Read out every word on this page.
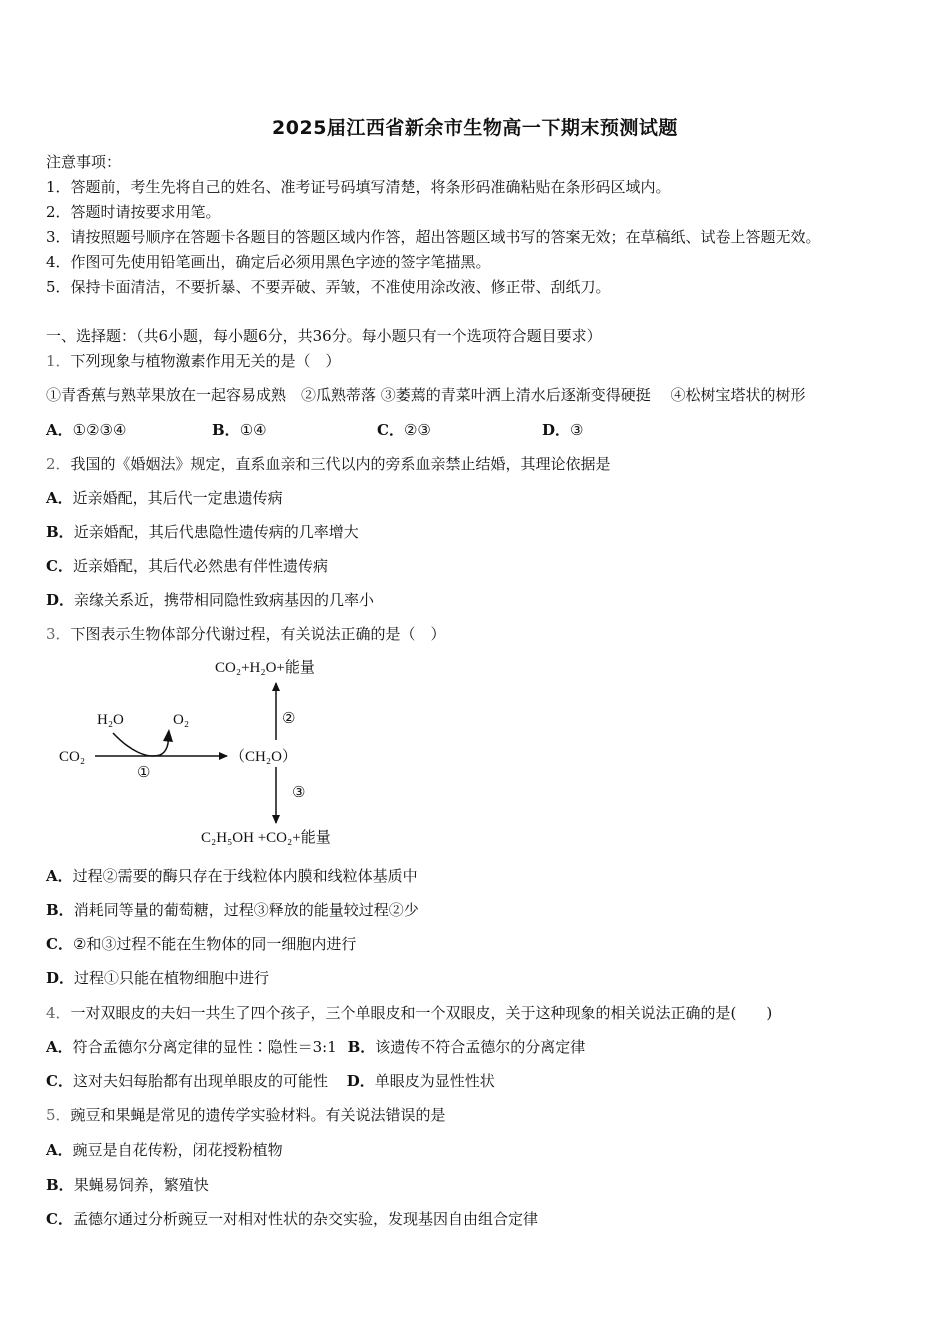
2025届江西省新余市生物高一下期末预测试题
注意事项：
1．答题前，考生先将自己的姓名、准考证号码填写清楚，将条形码准确粘贴在条形码区域内。
2．答题时请按要求用笔。
3．请按照题号顺序在答题卡各题目的答题区域内作答，超出答题区域书写的答案无效；在草稿纸、试卷上答题无效。
4．作图可先使用铅笔画出，确定后必须用黑色字迹的签字笔描黑。
5．保持卡面清洁，不要折暴、不要弄破、弄皱，不准使用涂改液、修正带、刮纸刀。
一、选择题：（共6小题，每小题6分，共36分。每小题只有一个选项符合题目要求）
1．下列现象与植物激素作用无关的是（　）
①青香蕉与熟苹果放在一起容易成熟　②瓜熟蒂落 ③萎蔫的青菜叶洒上清水后逐渐变得硬挺　 ④松树宝塔状的树形
A．①②③④	B．①④	C．②③	D．③
2．我国的《婚姻法》规定，直系血亲和三代以内的旁系血亲禁止结婚，其理论依据是
A．近亲婚配，其后代一定患遗传病
B．近亲婚配，其后代患隐性遗传病的几率增大
C．近亲婚配，其后代必然患有伴性遗传病
D．亲缘关系近，携带相同隐性致病基因的几率小
3．下图表示生物体部分代谢过程，有关说法正确的是（　）
CO₂+H₂O+能量
H₂O	O₂
CO₂	（CH₂O）
①
②
③
C₂H₅OH +CO₂+能量
A．过程②需要的酶只存在于线粒体内膜和线粒体基质中
B．消耗同等量的葡萄糖，过程③释放的能量较过程②少
C．②和③过程不能在生物体的同一细胞内进行
D．过程①只能在植物细胞中进行
4．一对双眼皮的夫妇一共生了四个孩子，三个单眼皮和一个双眼皮，关于这种现象的相关说法正确的是(　　)
A．符合孟德尔分离定律的显性∶隐性＝3:1 B．该遗传不符合孟德尔的分离定律
C．这对夫妇每胎都有出现单眼皮的可能性 D．单眼皮为显性性状
5．豌豆和果蝇是常见的遗传学实验材料。有关说法错误的是
A．豌豆是自花传粉，闭花授粉植物
B．果蝇易饲养，繁殖快
C．孟德尔通过分析豌豆一对相对性状的杂交实验，发现基因自由组合定律
